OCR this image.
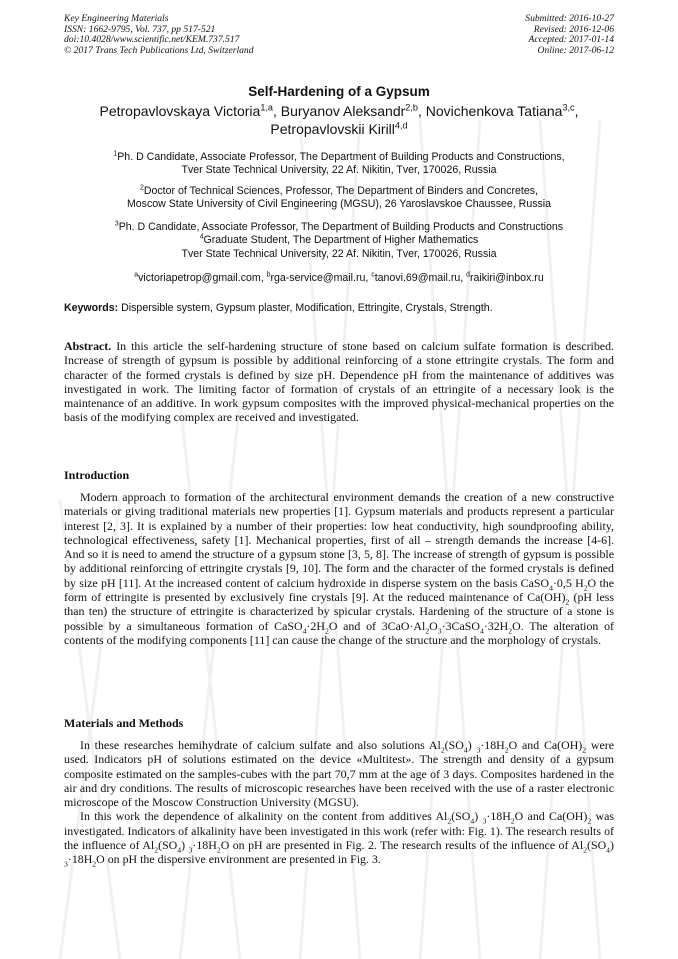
Key Engineering Materials
ISSN: 1662-9795, Vol. 737, pp 517-521
doi:10.4028/www.scientific.net/KEM.737.517
© 2017 Trans Tech Publications Ltd, Switzerland
Submitted: 2016-10-27
Revised: 2016-12-06
Accepted: 2017-01-14
Online: 2017-06-12
Self-Hardening of a Gypsum
Petropavlovskaya Victoria$^{1,a}$, Buryanov Aleksandr$^{2,b}$, Novichenkova Tatiana$^{3,c}$, Petropavlovskii Kirill$^{4,d}$
$^1$Ph. D Candidate, Associate Professor, The Department of Building Products and Constructions,
Tver State Technical University, 22 Af. Nikitin, Tver, 170026, Russia
$^2$Doctor of Technical Sciences, Professor, The Department of Binders and Concretes,
Moscow State University of Civil Engineering (MGSU), 26 Yaroslavskoe Chaussee, Russia
$^3$Ph. D Candidate, Associate Professor, The Department of Building Products and Constructions
$^4$Graduate Student, The Department of Higher Mathematics
Tver State Technical University, 22 Af. Nikitin, Tver, 170026, Russia
$^a$victoriapetrop@gmail.com, $^b$rga-service@mail.ru, $^c$tanovi.69@mail.ru, $^d$raikiri@inbox.ru
Keywords: Dispersible system, Gypsum plaster, Modification, Ettringite, Crystals, Strength.

Abstract. In this article the self-hardening structure of stone based on calcium sulfate formation is described. Increase of strength of gypsum is possible by additional reinforcing of a stone ettringite crystals. The form and character of the formed crystals is defined by size pH. Dependence pH from the maintenance of additives was investigated in work. The limiting factor of formation of crystals of an ettringite of a necessary look is the maintenance of an additive. In work gypsum composites with the improved physical-mechanical properties on the basis of the modifying complex are received and investigated.

Introduction

Modern approach to formation of the architectural environment demands the creation of a new constructive materials or giving traditional materials new properties [1]. Gypsum materials and products represent a particular interest [2, 3]. It is explained by a number of their properties: low heat conductivity, high soundproofing ability, technological effectiveness, safety [1]. Mechanical properties, first of all – strength demands the increase [4-6]. And so it is need to amend the structure of a gypsum stone [3, 5, 8]. The increase of strength of gypsum is possible by additional reinforcing of ettringite crystals [9, 10]. The form and the character of the formed crystals is defined by size pH [11]. At the increased content of calcium hydroxide in disperse system on the basis CaSO$_4$·0,5 $H_2O$ the form of ettringite is presented by exclusively fine crystals [9]. At the reduced maintenance of $Ca(OH)_2$ (pH less than ten) the structure of ettringite is characterized by spicular crystals. Hardening of the structure of a stone is possible by a simultaneous formation of $CaSO_4\cdot 2H_2O$ and of $3CaO\cdot Al_2O_3\cdot 3CaSO_4\cdot 32H_2O$. The alteration of contents of the modifying components [11] can cause the change of the structure and the morphology of crystals.

Materials and Methods

In these researches hemihydrate of calcium sulfate and also solutions $Al_2(SO_4)$ $_3\cdot 18H_2O$ and $Ca(OH)_2$ were used. Indicators pH of solutions estimated on the device «Multitest». The strength and density of a gypsum composite estimated on the samples-cubes with the part 70,7 mm at the age of 3 days. Composites hardened in the air and dry conditions. The results of microscopic researches have been received with the use of a raster electronic microscope of the Moscow Construction University (MGSU).

In this work the dependence of alkalinity on the content from additives $Al_2(SO_4)$ $_3\cdot 18H_2O$ and $Ca(OH)_2$ was investigated. Indicators of alkalinity have been investigated in this work (refer with: Fig. 1). The research results of the influence of $Al_2(SO_4)$ $_3\cdot 18H_2O$ on pH are presented in Fig. 2. The research results of the influence of $Al_2(SO_4)$ $_3\cdot 18H_2O$ on pH the dispersive environment are presented in Fig. 3.
